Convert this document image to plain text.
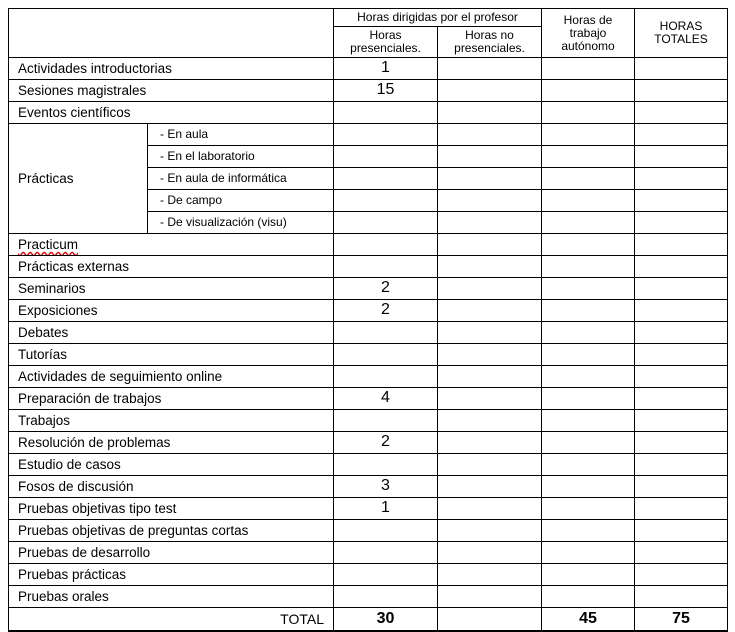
		Horas dirigidas por el profesor		Horas de trabajo autónomo	HORAS TOTALES
		Horas presenciales.	Horas no presenciales.		
Actividades introductorias		1			
Sesiones magistrales		15			
Eventos científicos					
Prácticas	- En aula				
	- En el laboratorio				
	- En aula de informática				
	- De campo				
	- De visualización (visu)				
Practicum					
Prácticas externas					
Seminarios		2			
Exposiciones		2			
Debates					
Tutorías					
Actividades de seguimiento online					
Preparación de trabajos		4			
Trabajos					
Resolución de problemas		2			
Estudio de casos					
Fosos de discusión		3			
Pruebas objetivas tipo test		1			
Pruebas objetivas de preguntas cortas					
Pruebas de desarrollo					
Pruebas prácticas					
Pruebas orales					
TOTAL		30		45	75
